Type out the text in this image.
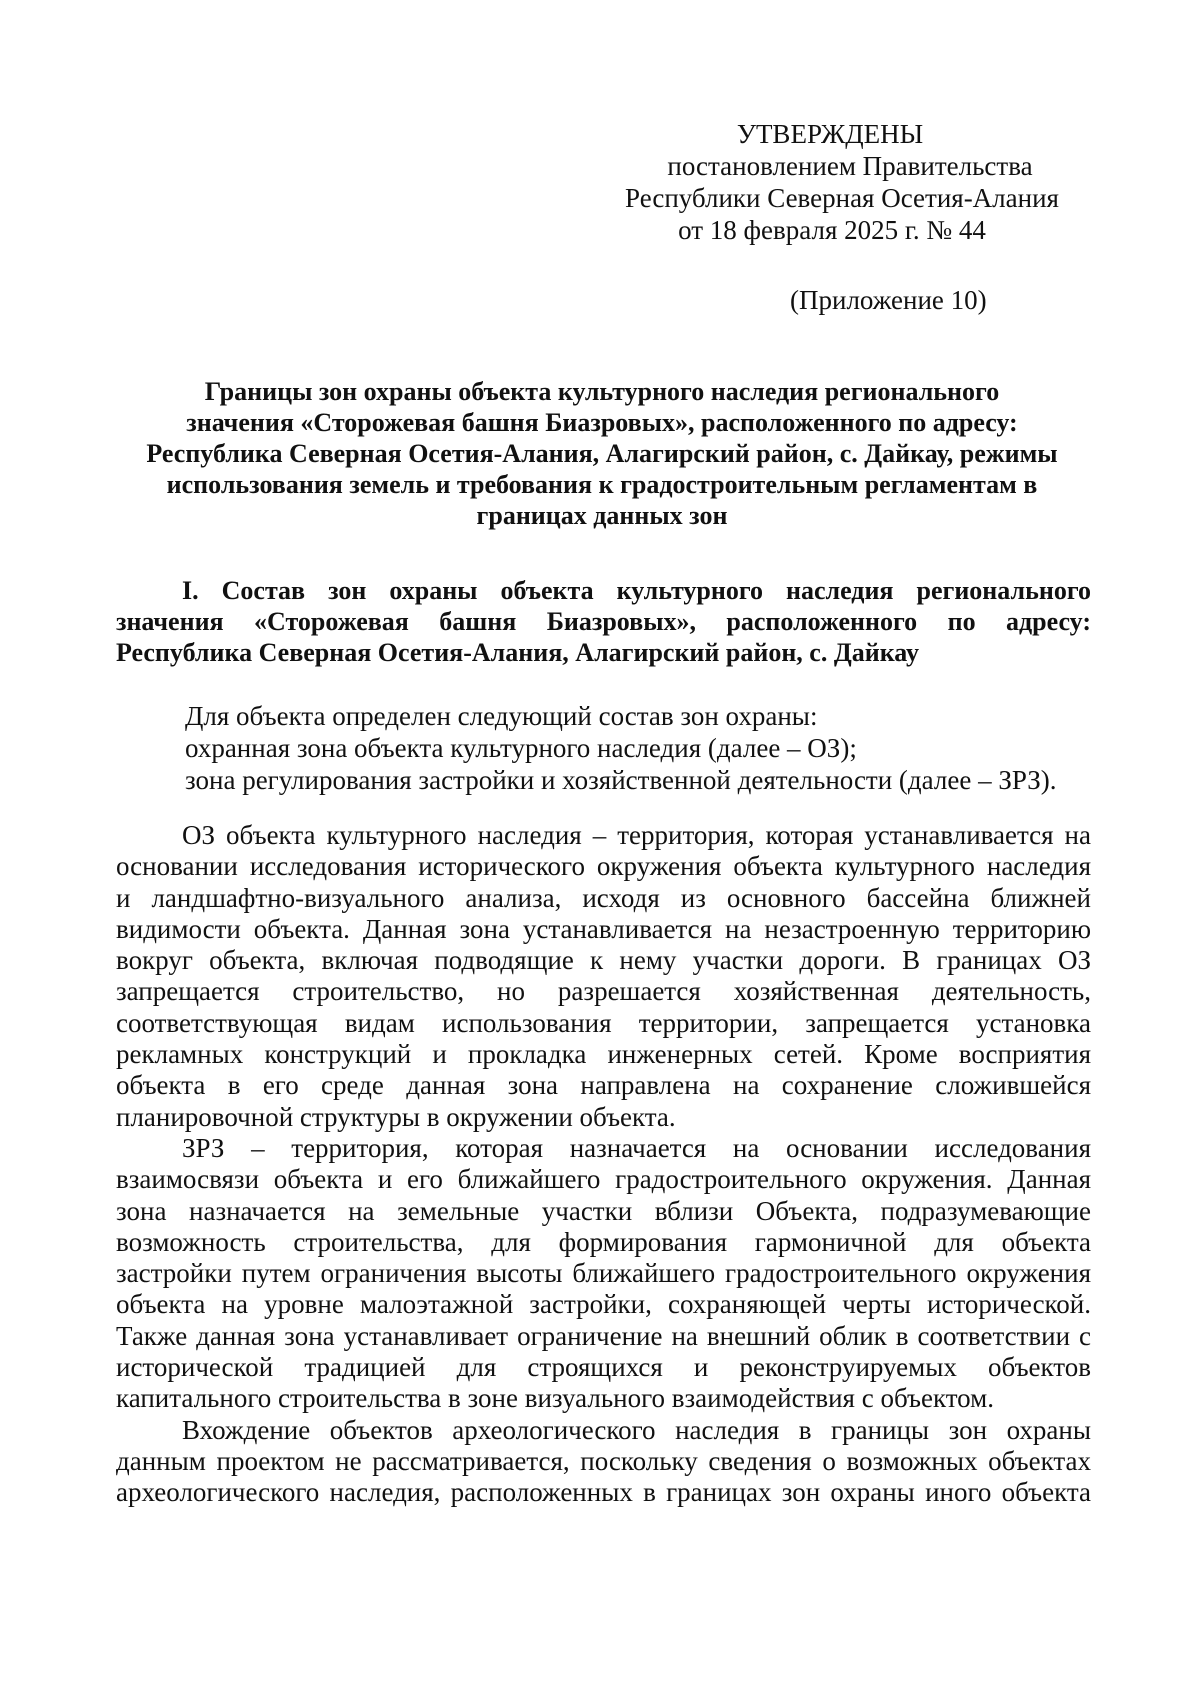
УТВЕРЖДЕНЫ
постановлением Правительства
Республики Северная Осетия-Алания
от 18 февраля 2025 г. № 44
(Приложение 10)
Границы зон охраны объекта культурного наследия регионального
значения «Сторожевая башня Биазровых», расположенного по адресу:
Республика Северная Осетия-Алания, Алагирский район, с. Дайкау, режимы
использования земель и требования к градостроительным регламентам в
границах данных зон
I. Состав зон охраны объекта культурного наследия регионального
значения «Сторожевая башня Биазровых», расположенного по адресу:
Республика Северная Осетия-Алания, Алагирский район, с. Дайкау
Для объекта определен следующий состав зон охраны:
охранная зона объекта культурного наследия (далее – ОЗ);
зона регулирования застройки и хозяйственной деятельности (далее – ЗРЗ).
ОЗ объекта культурного наследия – территория, которая устанавливается на
основании исследования исторического окружения объекта культурного наследия
и ландшафтно-визуального анализа, исходя из основного бассейна ближней
видимости объекта. Данная зона устанавливается на незастроенную территорию
вокруг объекта, включая подводящие к нему участки дороги. В границах ОЗ
запрещается строительство, но разрешается хозяйственная деятельность,
соответствующая видам использования территории, запрещается установка
рекламных конструкций и прокладка инженерных сетей. Кроме восприятия
объекта в его среде данная зона направлена на сохранение сложившейся
планировочной структуры в окружении объекта.
ЗРЗ – территория, которая назначается на основании исследования
взаимосвязи объекта и его ближайшего градостроительного окружения. Данная
зона назначается на земельные участки вблизи Объекта, подразумевающие
возможность строительства, для формирования гармоничной для объекта
застройки путем ограничения высоты ближайшего градостроительного окружения
объекта на уровне малоэтажной застройки, сохраняющей черты исторической.
Также данная зона устанавливает ограничение на внешний облик в соответствии с
исторической традицией для строящихся и реконструируемых объектов
капитального строительства в зоне визуального взаимодействия с объектом.
Вхождение объектов археологического наследия в границы зон охраны
данным проектом не рассматривается, поскольку сведения о возможных объектах
археологического наследия, расположенных в границах зон охраны иного объекта
